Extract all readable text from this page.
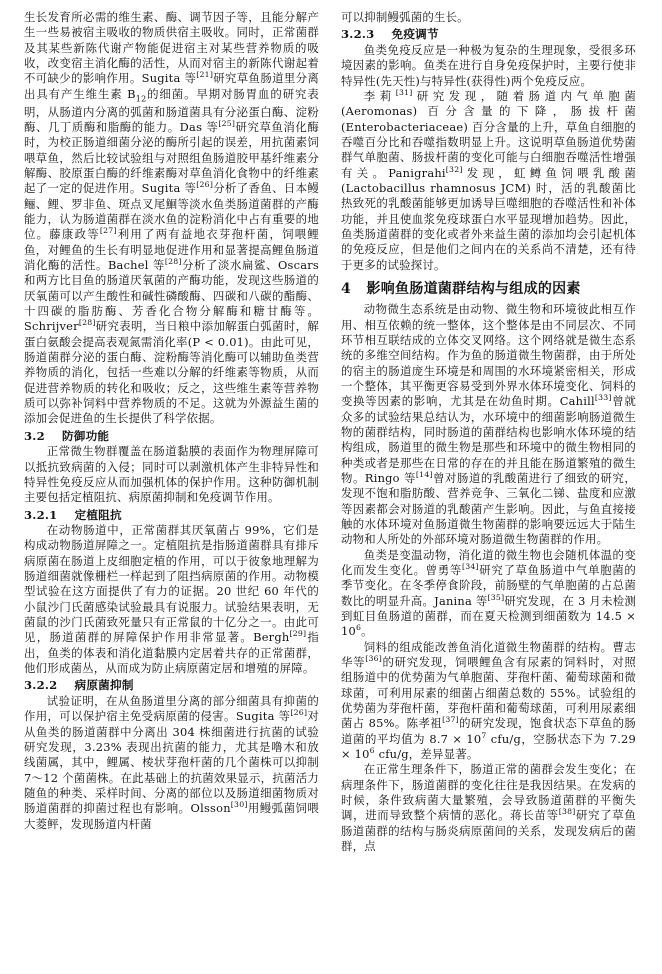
生长发育所必需的维生素、酶、调节因子等，且能分解产生一些易被宿主吸收的物质供宿主吸收。同时，正常菌群及其某些新陈代谢产物能促进宿主对某些营养物质的吸收，改变宿主消化酶的活性，从而对宿主的新陈代谢起着不可缺少的影响作用。Sugita 等[21]研究草鱼肠道里分离出具有产生维生素 $B_{12}$的细菌。早期对肠胃血的研究表明，从肠道内分离的弧菌和肠道菌具有分泌蛋白酶、淀粉酶、几丁质酶和脂酶的能力。Das 等[25]研究草鱼消化酶时，为校正肠道细菌分泌的酶所引起的误差，用抗菌素饲喂草鱼，然后比较试验组与对照组鱼肠道胶甲基纤维素分解酶、胶原蛋白酶的纤维素酶对草鱼消化食物中的纤维素起了一定的促进作用。Sugita 等[26]分析了香鱼、日本鳗鲡、鲤、罗非鱼、斑点叉尾鮰等淡水鱼类肠道菌群的产酶能力，认为肠道菌群在淡水鱼的淀粉消化中占有重要的地位。藤康政等[27]利用了两有益地衣芽孢杆菌，饲喂鲤鱼，对鲤鱼的生长有明显地促进作用和显著提高鲤鱼肠道消化酶的活性。Bachel 等[28]分析了淡水扁鲨、Oscars 和两方比目鱼的肠道厌氧菌的产酶功能，发现这些肠道的厌氧菌可以产生酸性和碱性磷酸酶、四碳和八碳的酯酶、十四碳的脂肪酶、芳香化合物分解酶和糖甘酶等。Schrijver[28]研究表明，当日粮中添加解蛋白弧菌时，解蛋白氨酸会提高表观氮需消化率(P < 0.01)。由此可见，肠道菌群分泌的蛋白酶、淀粉酶等消化酶可以辅助鱼类营养物质的消化，包括一些难以分解的纤维素等物质，从而促进营养物质的转化和吸收；反之，这些维生素等营养物质可以弥补饲料中营养物质的不足。这就为外源益生菌的添加会促进鱼的生长提供了科学依据。

3.2 防御功能

正常微生物群覆盖在肠道黏膜的表面作为物理屏障可以抵抗致病菌的入侵；同时可以剥激机体产生非特异性和特异性免疫反应从而加强机体的保护作用。这种防御机制主要包括定植阻抗、病原菌抑制和免疫调节作用。

3.2.1 定植阻抗

在动物肠道中，正常菌群其厌氧菌占 99%，它们是构成动物肠道屏障之一。定植阻抗是指肠道菌群具有排斥病原菌在肠道上皮细胞定植的作用，可以于彼象地理解为肠道细菌就像栅栏一样起到了阻挡病原菌的作用。动物模型试验在这方面提供了有力的证据。20 世纪 60 年代的小鼠沙门氏菌感染试验最具有说服力。试验结果表明，无菌鼠的沙门氏菌致死量只有正常鼠的十亿分之一。由此可见，肠道菌群的屏障保护作用非常显著。Bergh[29]指出，鱼类的体表和消化道黏膜内定居着共存的正常菌群，他们形成菌丛，从而成为防止病原菌定居和增殖的屏障。

3.2.2 病原菌抑制

试验证明，在从鱼肠道里分离的部分细菌具有抑菌的作用，可以保护宿主免受病原菌的侵害。Sugita 等[26]对从鱼类的肠道菌群中分离出 304 株细菌进行抗菌的试验研究发现，3.23% 表现出抗菌的能力，尤其是噜木和放线菌属，其中，鲤属、棱状芽孢杆菌的几个菌株可以抑制 7～12 个菌菌株。在此基础上的抗菌效果显示，抗菌活力随鱼的种类、采样时间、分离的部位以及肠道细菌物质对肠道菌群的抑菌过程也有影响。Olsson[30]用鳗弧菌饲喂大菱鲆，发现肠道内杆菌

可以抑制鳗弧菌的生长。

3.2.3 免疫调节

鱼类免疫反应是一种极为复杂的生理现象，受很多环境因素的影响。鱼类在进行自身免疫保护时，主要行使非特异性(先天性)与特异性(获得性)两个免疫反应。

李莉[31]研究发现，随着肠道内气单胞菌 (Aeromonas) 百分含量的下降，肠拔杆菌 (Enterobacteriaceae) 百分含量的上升，草鱼自细胞的吞噬百分比和吞噬指数明显上升。这说明草鱼肠道优势菌群气单胞菌、肠拔杆菌的变化可能与白细胞吞噬活性增强有关。Panigrahi[32]发现，虹鳟鱼饲喂乳酸菌 (Lactobacillus rhamnosus JCM) 时，活的乳酸菌比热致死的乳酸菌能够更加诱导巨噬细胞的吞噬活性和补体功能，并且使血浆免疫球蛋白水平显现增加趋势。因此，鱼类肠道菌群的变化或者外来益生菌的添加均会引起机体的免疫反应，但是他们之间内在的关系尚不清楚，还有待于更多的试验探讨。

4 影响鱼肠道菌群结构与组成的因素

动物微生态系统是由动物、微生物和环境彼此相互作用、相互依赖的统一整体，这个整体是由不同层次、不同环节相互联结成的立体交叉网络。这个网络就是微生态系统的多维空间结构。作为鱼的肠道微生物菌群，由于所处的宿主的肠道庞生环境是和周围的水环境紧密相关，形成一个整体，其平衡更容易受到外界水体环境变化、饲料的变换等因素的影响，尤其是在幼鱼时期。Cahill[33]曾就众多的试验结果总结认为，水环境中的细菌影响肠道微生物的菌群结构，同时肠道的菌群结构也影响水体环境的结构组成，肠道里的微生物是那些和环境中的微生物相同的种类或者是那些在日常的存在的并且能在肠道繁殖的微生物。Ringo 等[14]曾对肠道的乳酸菌进行了细致的研究，发现不饱和脂肪酸、营养竞争、三氧化二锑、盐度和应激等因素都会对肠道的乳酸菌产生影响。因此，与鱼直接接触的水体环境对鱼肠道微生物菌群的影响要远远大于陆生动物和人所处的外部环境对肠道微生物菌群的作用。

鱼类是变温动物，消化道的微生物也会随机体温的变化而发生变化。曾勇等[34]研究了草鱼肠道中气单胞菌的季节变化。在冬季停食阶段，前肠壁的气单胞菌的占总菌数比的明显升高。Janina 等[35]研究发现，在 3 月未检测到虹目鱼肠道的菌群，而在夏天检测到细菌数为 $14.5 \times 10^6$。

饲料的组成能改善鱼消化道微生物菌群的结构。曹志华等[36]的研究发现，饲喂鲤鱼含有尿素的饲料时，对照组肠道中的优势菌为气单胞菌、芽孢杆菌、葡萄球菌和微球菌，可利用尿素的细菌占细菌总数的 55%。试验组的优势菌为芽孢杆菌，芽孢杆菌和葡萄球菌，可利用尿素细菌占 85%。陈孝祖[37]的研究发现，饱食状态下草鱼的肠道菌的平均值为 $8.7 \times 10^7$ cfu/g，空肠状态下为 $7.29 \times 10^6$ cfu/g，差异显著。

在正常生理条件下，肠道正常的菌群会发生变化；在病理条件下，肠道菌群的变化往往是我因结果。在发病的时候，条件致病菌大量繁殖，会导致肠道菌群的平衡失调，进而导致整个病情的恶化。蒋长苗等[38]研究了草鱼肠道菌群的结构与肠炎病原菌间的关系，发现发病后的菌群，点
